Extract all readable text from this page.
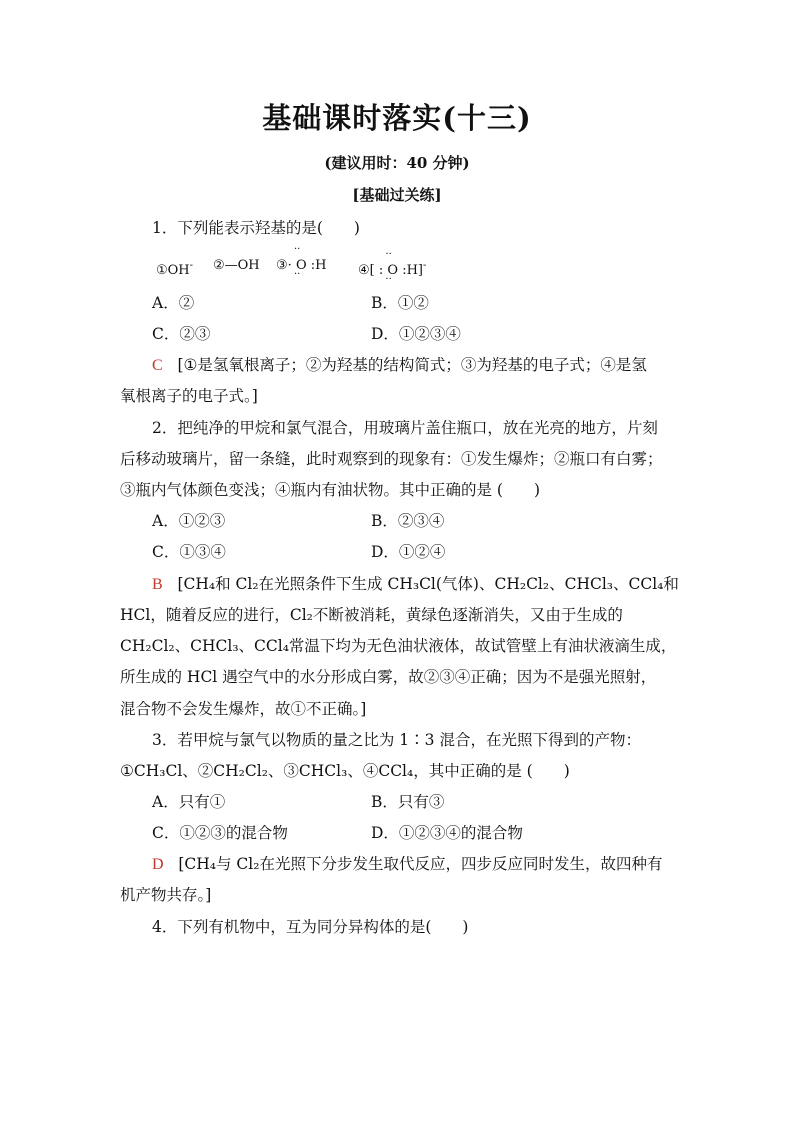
基础课时落实(十三)
(建议用时：40 分钟)
[基础过关练]
1．下列能表示羟基的是(　　)
①OH- ②—OH ③·
··
O
··
:H ④[ :
··
O
··
:H]-
A．②	B．①②
C．②③	D．①②③④
C [①是氢氧根离子；②为羟基的结构简式；③为羟基的电子式；④是氢
氧根离子的电子式。]
2．把纯净的甲烷和氯气混合，用玻璃片盖住瓶口，放在光亮的地方，片刻
后移动玻璃片，留一条缝，此时观察到的现象有：①发生爆炸；②瓶口有白雾；
③瓶内气体颜色变浅；④瓶内有油状物。其中正确的是 (　　)
A．①②③	B．②③④
C．①③④	D．①②④
B [CH₄和 Cl₂在光照条件下生成 CH₃Cl(气体)、CH₂Cl₂、CHCl₃、CCl₄和
HCl，随着反应的进行，Cl₂不断被消耗，黄绿色逐渐消失，又由于生成的
CH₂Cl₂、CHCl₃、CCl₄常温下均为无色油状液体，故试管壁上有油状液滴生成，
所生成的 HCl 遇空气中的水分形成白雾，故②③④正确；因为不是强光照射，
混合物不会发生爆炸，故①不正确。]
3．若甲烷与氯气以物质的量之比为 1∶3 混合，在光照下得到的产物：
①CH₃Cl、②CH₂Cl₂、③CHCl₃、④CCl₄，其中正确的是 (　　)
A．只有①	B．只有③
C．①②③的混合物	D．①②③④的混合物
D [CH₄与 Cl₂在光照下分步发生取代反应，四步反应同时发生，故四种有
机产物共存。]
4．下列有机物中，互为同分异构体的是(　　)
